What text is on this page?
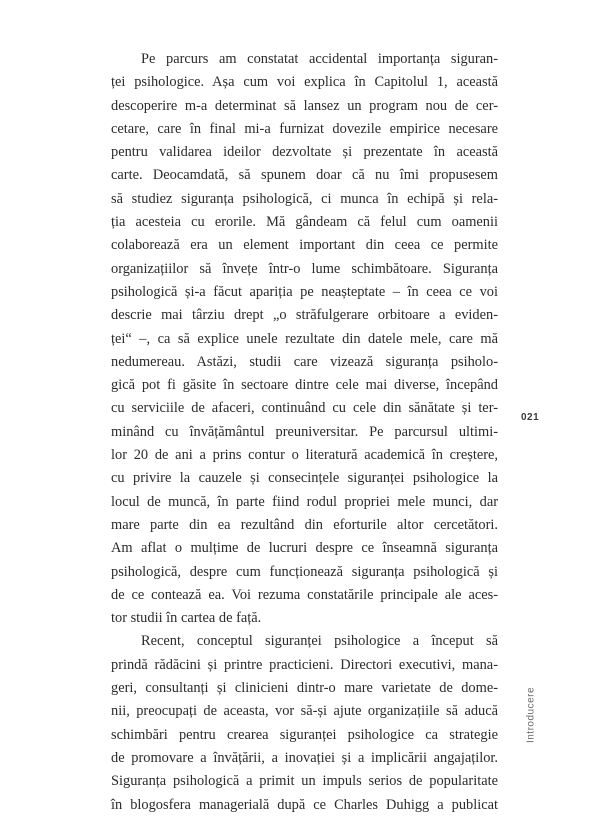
Pe parcurs am constatat accidental importanța siguran-
ței psihologice. Așa cum voi explica în Capitolul 1, această
descoperire m-a determinat să lansez un program nou de cer-
cetare, care în final mi-a furnizat dovezile empirice necesare
pentru validarea ideilor dezvoltate și prezentate în această
carte. Deocamdată, să spunem doar că nu îmi propusesem
să studiez siguranța psihologică, ci munca în echipă și rela-
ția acesteia cu erorile. Mă gândeam că felul cum oamenii
colaborează era un element important din ceea ce permite
organizațiilor să învețe într-o lume schimbătoare. Siguranța
psihologică și-a făcut apariția pe neașteptate – în ceea ce voi
descrie mai târziu drept „o străfulgerare orbitoare a eviden-
ței“ –, ca să explice unele rezultate din datele mele, care mă
nedumereau. Astăzi, studii care vizează siguranța psiholo-
gică pot fi găsite în sectoare dintre cele mai diverse, începând
cu serviciile de afaceri, continuând cu cele din sănătate și ter-
minând cu învățământul preuniversitar. Pe parcursul ultimi-
lor 20 de ani a prins contur o literatură academică în creștere,
cu privire la cauzele și consecințele siguranței psihologice la
locul de muncă, în parte fiind rodul propriei mele munci, dar
mare parte din ea rezultând din eforturile altor cercetători.
Am aflat o mulțime de lucruri despre ce înseamnă siguranța
psihologică, despre cum funcționează siguranța psihologică și
de ce contează ea. Voi rezuma constatările principale ale aces-
tor studii în cartea de față.
Recent, conceptul siguranței psihologice a început să
prindă rădăcini și printre practicieni. Directori executivi, mana-
geri, consultanți și clinicieni dintr-o mare varietate de domе-
nii, preocupați de aceasta, vor să-și ajute organizațiile să aducă
schimbări pentru crearea siguranței psihologice ca strategie
de promovare a învățării, a inovației și a implicării angajaților.
Siguranța psihologică a primit un impuls serios de popularitate
în blogosfera managerială după ce Charles Duhigg a publicat
021
Introducere
